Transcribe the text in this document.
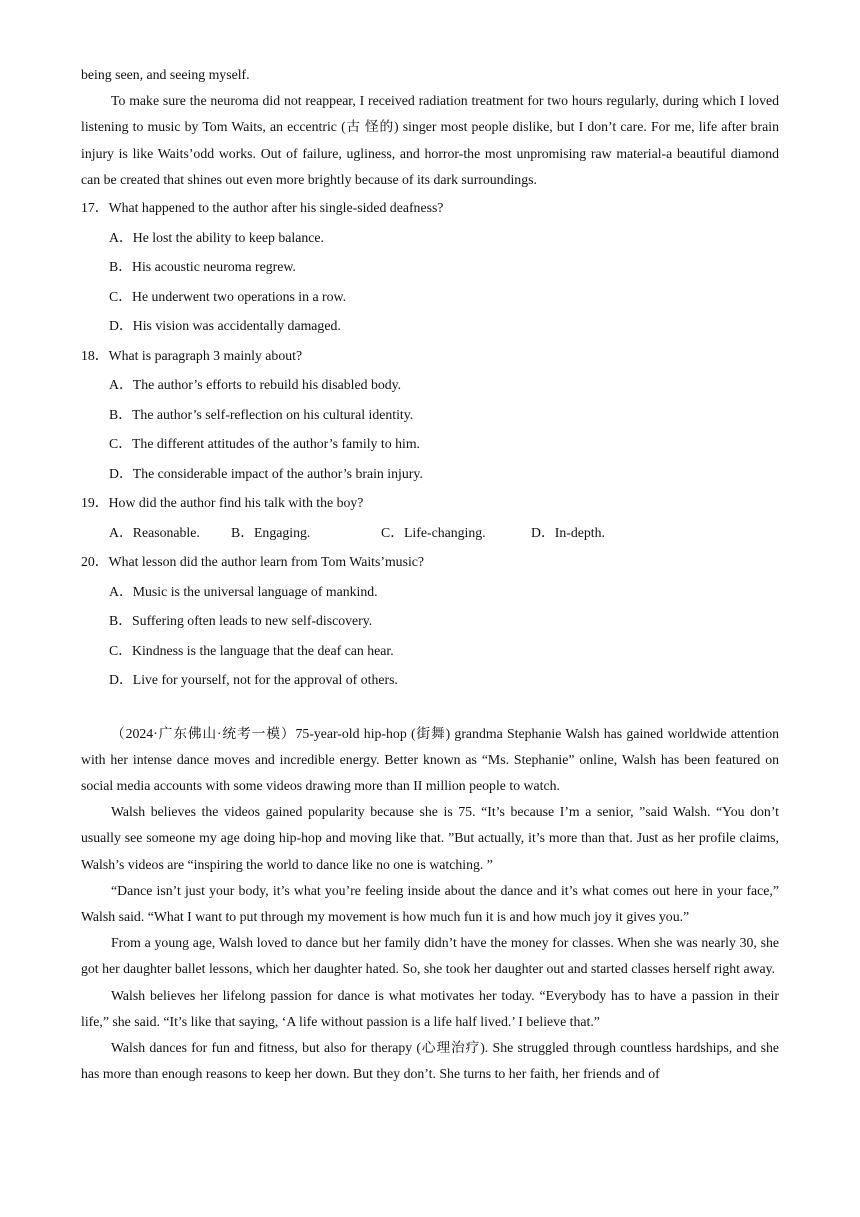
being seen, and seeing myself.

To make sure the neuroma did not reappear, I received radiation treatment for two hours regularly, during which I loved listening to music by Tom Waits, an eccentric (古 怪的) singer most people dislike, but I don’t care. For me, life after brain injury is like Waits’odd works. Out of failure, ugliness, and horror-the most unpromising raw material-a beautiful diamond can be created that shines out even more brightly because of its dark surroundings.

17．What happened to the author after his single-sided deafness?

A．He lost the ability to keep balance.

B．His acoustic neuroma regrew.

C．He underwent two operations in a row.

D．His vision was accidentally damaged.

18．What is paragraph 3 mainly about?

A．The author’s efforts to rebuild his disabled body.

B．The author’s self-reflection on his cultural identity.

C．The different attitudes of the author’s family to him.

D．The considerable impact of the author’s brain injury.

19．How did the author find his talk with the boy?

A．Reasonable.	B．Engaging.	C．Life-changing.	D．In-depth.

20．What lesson did the author learn from Tom Waits’music?

A．Music is the universal language of mankind.

B．Suffering often leads to new self-discovery.

C．Kindness is the language that the deaf can hear.

D．Live for yourself, not for the approval of others.

（2024·广东佛山·统考一模）75-year-old hip-hop (街舞) grandma Stephanie Walsh has gained worldwide attention with her intense dance moves and incredible energy. Better known as “Ms. Stephanie” online, Walsh has been featured on social media accounts with some videos drawing more than II million people to watch.

Walsh believes the videos gained popularity because she is 75. “It’s because I’m a senior, ”said Walsh. “You don’t usually see someone my age doing hip-hop and moving like that. ”But actually, it’s more than that. Just as her profile claims, Walsh’s videos are “inspiring the world to dance like no one is watching. ”

“Dance isn’t just your body, it’s what you’re feeling inside about the dance and it’s what comes out here in your face,” Walsh said. “What I want to put through my movement is how much fun it is and how much joy it gives you.”

From a young age, Walsh loved to dance but her family didn’t have the money for classes. When she was nearly 30, she got her daughter ballet lessons, which her daughter hated. So, she took her daughter out and started classes herself right away.

Walsh believes her lifelong passion for dance is what motivates her today. “Everybody has to have a passion in their life,” she said. “It’s like that saying, ‘A life without passion is a life half lived.’ I believe that.”

Walsh dances for fun and fitness, but also for therapy (心理治疗). She struggled through countless hardships, and she has more than enough reasons to keep her down. But they don’t. She turns to her faith, her friends and of
